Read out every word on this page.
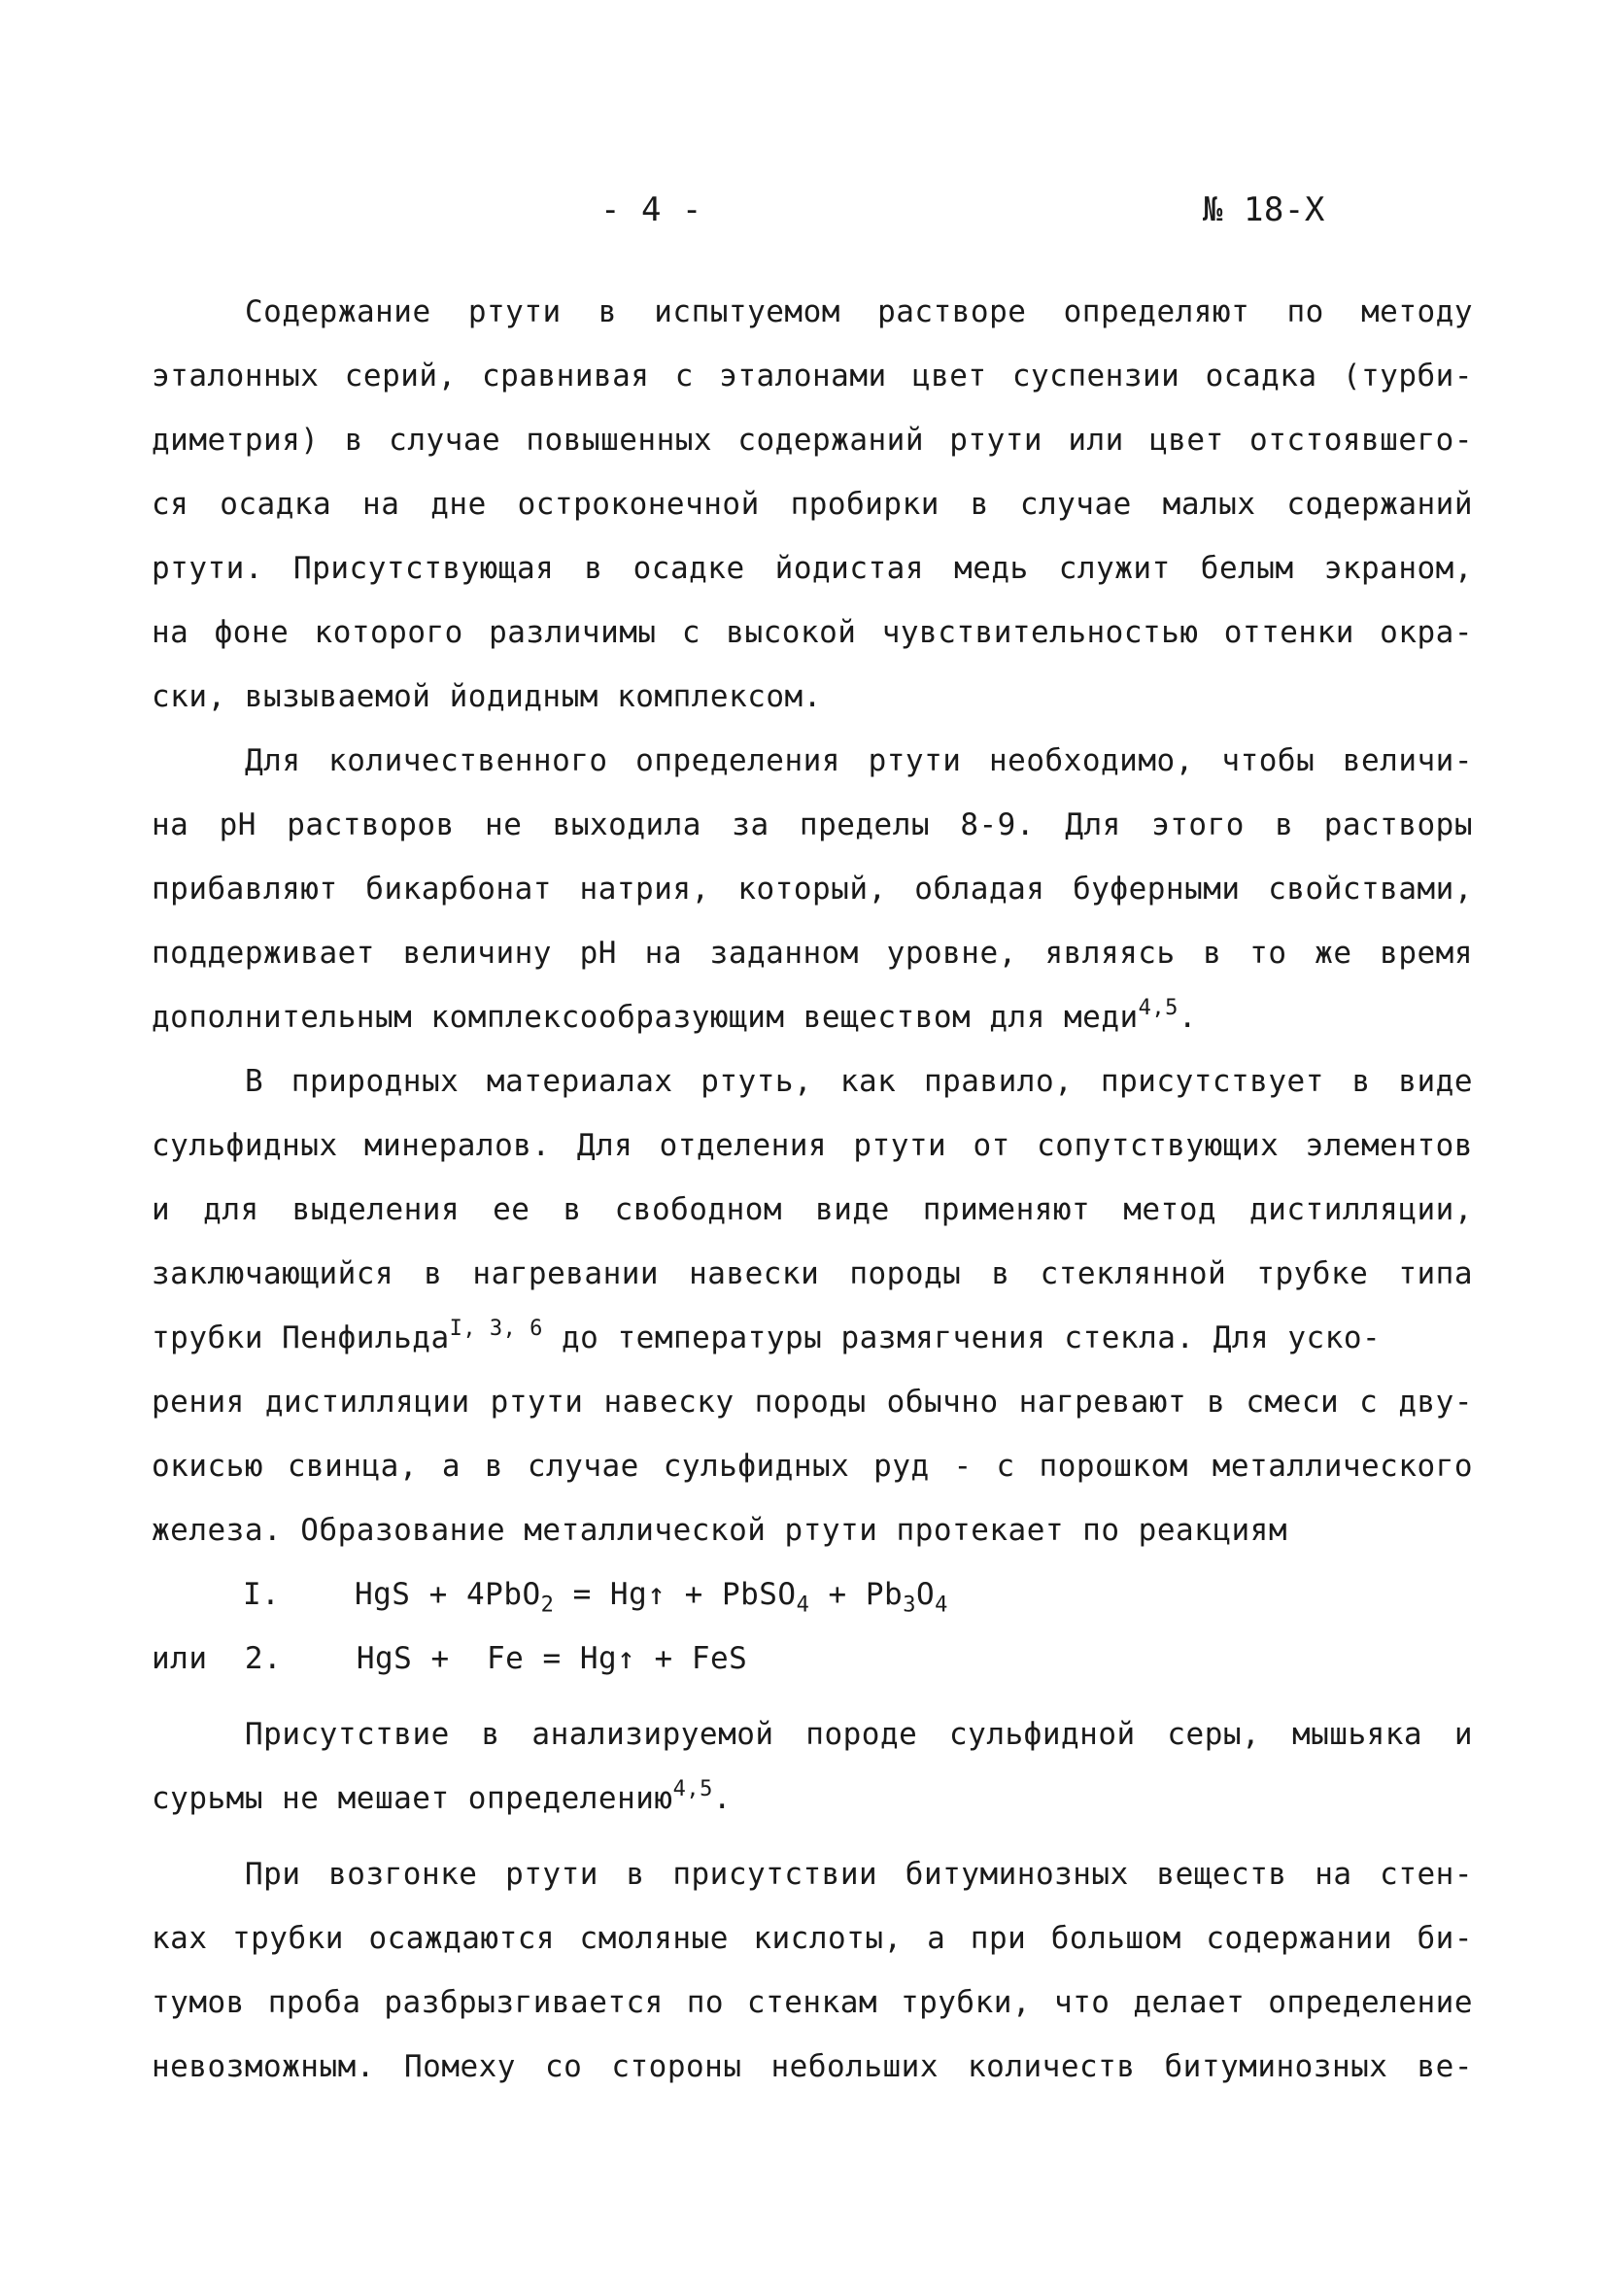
- 4 -	№ 18-Х
Содержание ртути в испытуемом растворе определяют по методу
эталонных серий, сравнивая с эталонами цвет суспензии осадка (турби-
диметрия) в случае повышенных содержаний ртути или цвет отстоявшего-
ся осадка на дне остроконечной пробирки в случае малых содержаний
ртути. Присутствующая в осадке йодистая медь служит белым экраном,
на фоне которого различимы с высокой чувствительностью оттенки окра-
ски, вызываемой йодидным комплексом.
Для количественного определения ртути необходимо, чтобы величи-
на pH растворов не выходила за пределы 8-9. Для этого в растворы
прибавляют бикарбонат натрия, который, обладая буферными свойствами,
поддерживает величину pH на заданном уровне, являясь в то же время
дополнительным комплексообразующим веществом для меди$^{4,5}$.
В природных материалах ртуть, как правило, присутствует в виде
сульфидных минералов. Для отделения ртути от сопутствующих элементов
и для выделения ее в свободном виде применяют метод дистилляции,
заключающийся в нагревании навески породы в стеклянной трубке типа
трубки Пенфильда$^{I, 3, 6}$ до температуры размягчения стекла. Для уско-
рения дистилляции ртути навеску породы обычно нагревают в смеси с дву-
окисью свинца, а в случае сульфидных руд - с порошком металлического
железа. Образование металлической ртути протекает по реакциям
I. HgS + 4PbO$_2$ = Hg↑ + PbSO$_4$ + $Pb_3O_4$
или 2. HgS + Fe = Hg↑ + FeS
Присутствие в анализируемой породе сульфидной серы, мышьяка и
сурьмы не мешает определению$^{4,5}$.
При возгонке ртути в присутствии битуминозных веществ на стен-
ках трубки осаждаются смоляные кислоты, а при большом содержании би-
тумов проба разбрызгивается по стенкам трубки, что делает определение
невозможным. Помеху со стороны небольших количеств битуминозных ве-
